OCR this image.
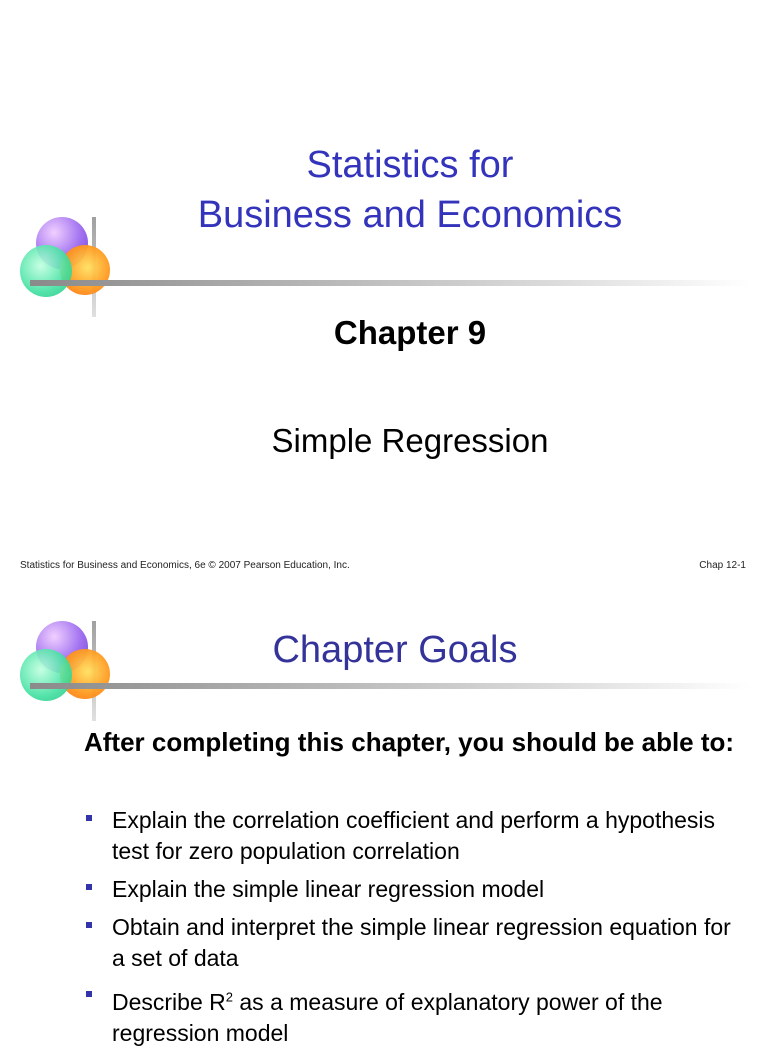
Statistics for
Business and Economics
Chapter 9
Simple Regression
Statistics for Business and Economics, 6e © 2007 Pearson Education, Inc.	Chap 12-1
Chapter Goals
After completing this chapter, you should be able to:
Explain the correlation coefficient and perform a hypothesis test for zero population correlation
Explain the simple linear regression model
Obtain and interpret the simple linear regression equation for a set of data
Describe $R^2$ as a measure of explanatory power of the regression model
